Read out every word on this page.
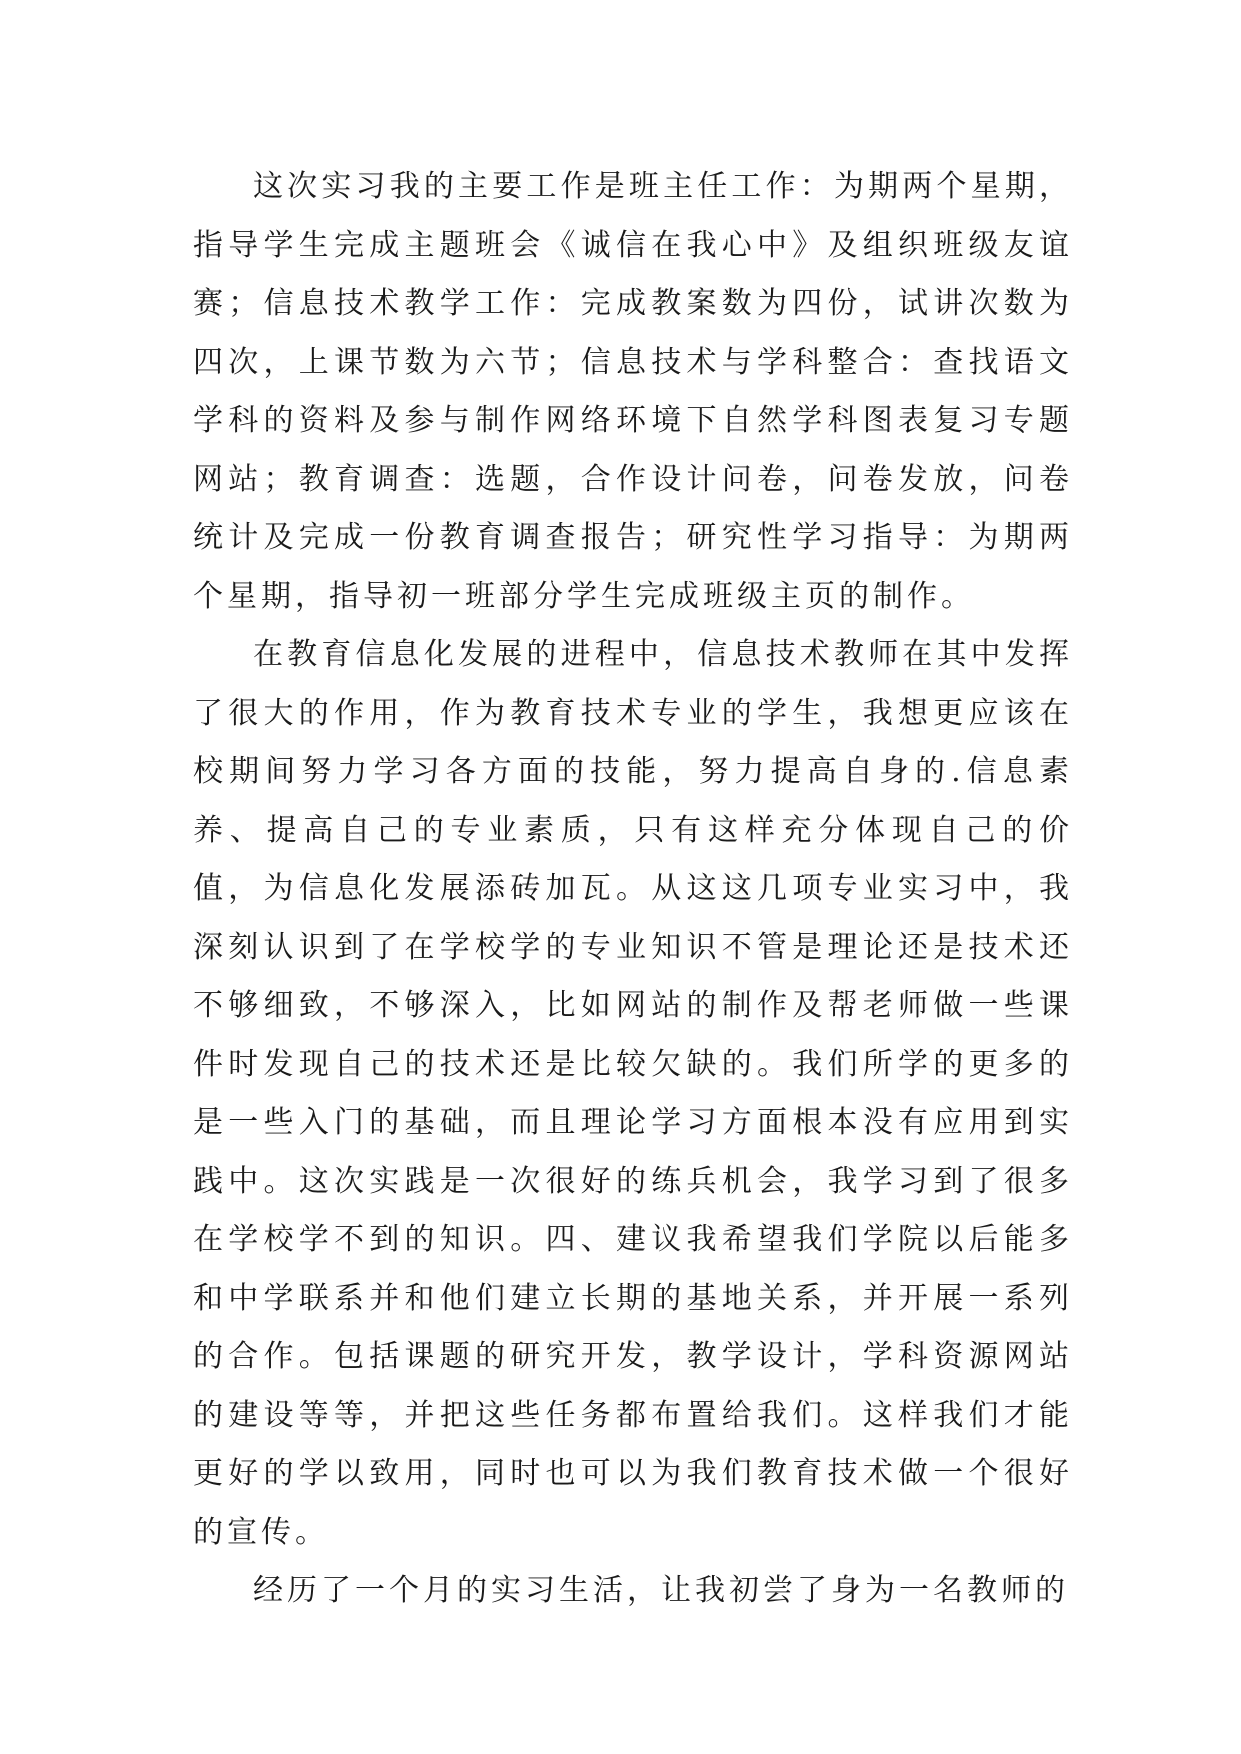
这次实习我的主要工作是班主任工作：为期两个星期，指导学生完成主题班会《诚信在我心中》及组织班级友谊赛；信息技术教学工作：完成教案数为四份，试讲次数为四次，上课节数为六节；信息技术与学科整合：查找语文学科的资料及参与制作网络环境下自然学科图表复习专题网站；教育调查：选题，合作设计问卷，问卷发放，问卷统计及完成一份教育调查报告；研究性学习指导：为期两个星期，指导初一班部分学生完成班级主页的制作。

在教育信息化发展的进程中，信息技术教师在其中发挥了很大的作用，作为教育技术专业的学生，我想更应该在校期间努力学习各方面的技能，努力提高自身的.信息素养、提高自己的专业素质，只有这样充分体现自己的价值，为信息化发展添砖加瓦。从这这几项专业实习中，我深刻认识到了在学校学的专业知识不管是理论还是技术还不够细致，不够深入，比如网站的制作及帮老师做一些课件时发现自己的技术还是比较欠缺的。我们所学的更多的是一些入门的基础，而且理论学习方面根本没有应用到实践中。这次实践是一次很好的练兵机会，我学习到了很多在学校学不到的知识。四、建议我希望我们学院以后能多和中学联系并和他们建立长期的基地关系，并开展一系列的合作。包括课题的研究开发，教学设计，学科资源网站的建设等等，并把这些任务都布置给我们。这样我们才能更好的学以致用，同时也可以为我们教育技术做一个很好的宣传。

经历了一个月的实习生活，让我初尝了身为一名教师的
